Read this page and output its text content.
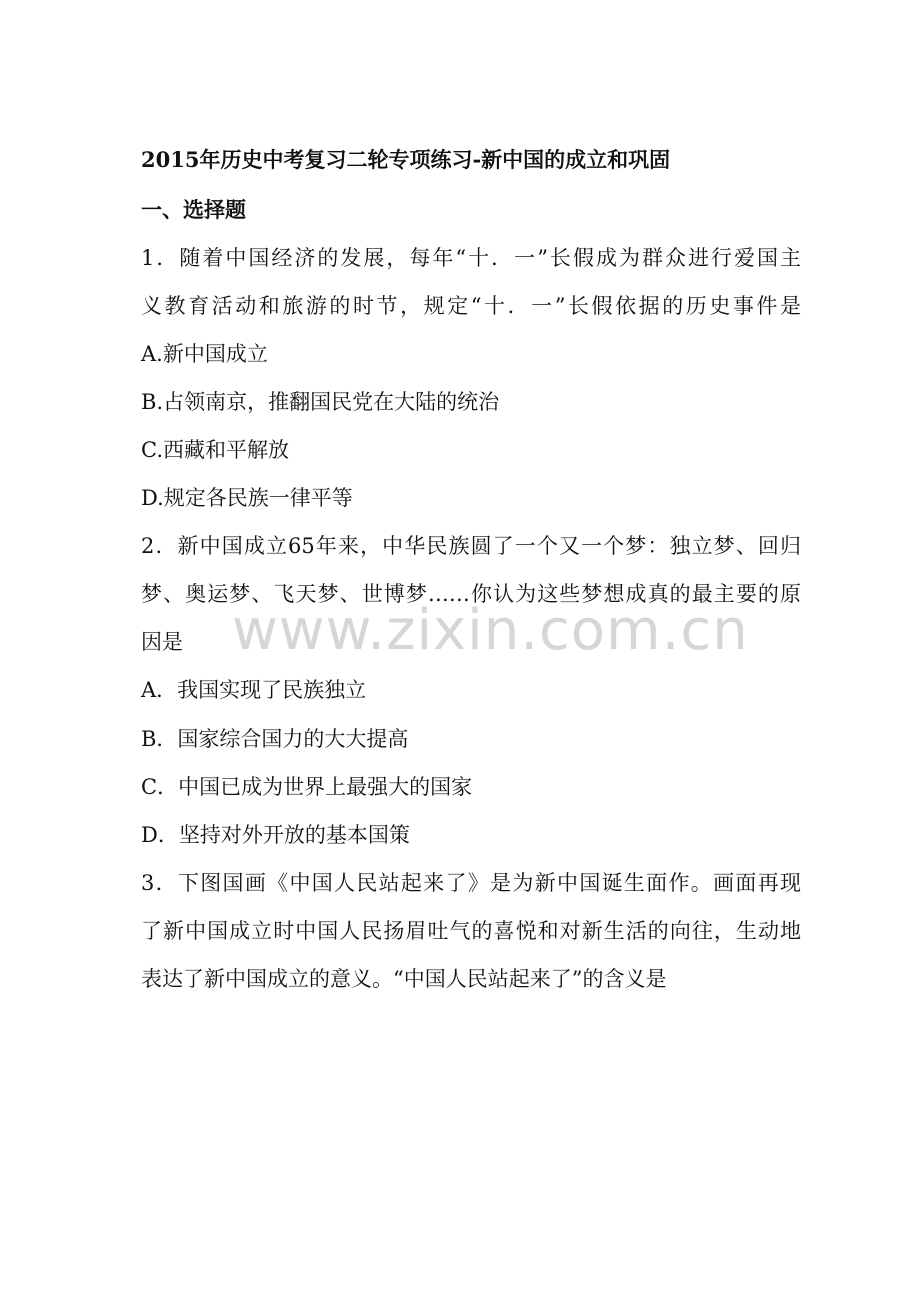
2015年历史中考复习二轮专项练习-新中国的成立和巩固
一、选择题
1．随着中国经济的发展，每年“十．一”长假成为群众进行爱国主
义教育活动和旅游的时节，规定“十．一”长假依据的历史事件是
A.新中国成立
B.占领南京，推翻国民党在大陆的统治
C.西藏和平解放
D.规定各民族一律平等
2．新中国成立65年来，中华民族圆了一个又一个梦：独立梦、回归
梦、奥运梦、飞天梦、世博梦……你认为这些梦想成真的最主要的原
因是
A．我国实现了民族独立
B．国家综合国力的大大提高
C．中国已成为世界上最强大的国家
D．坚持对外开放的基本国策
3．下图国画《中国人民站起来了》是为新中国诞生面作。画面再现
了新中国成立时中国人民扬眉吐气的喜悦和对新生活的向往，生动地
表达了新中国成立的意义。“中国人民站起来了”的含义是
www.zixin.com.cn
